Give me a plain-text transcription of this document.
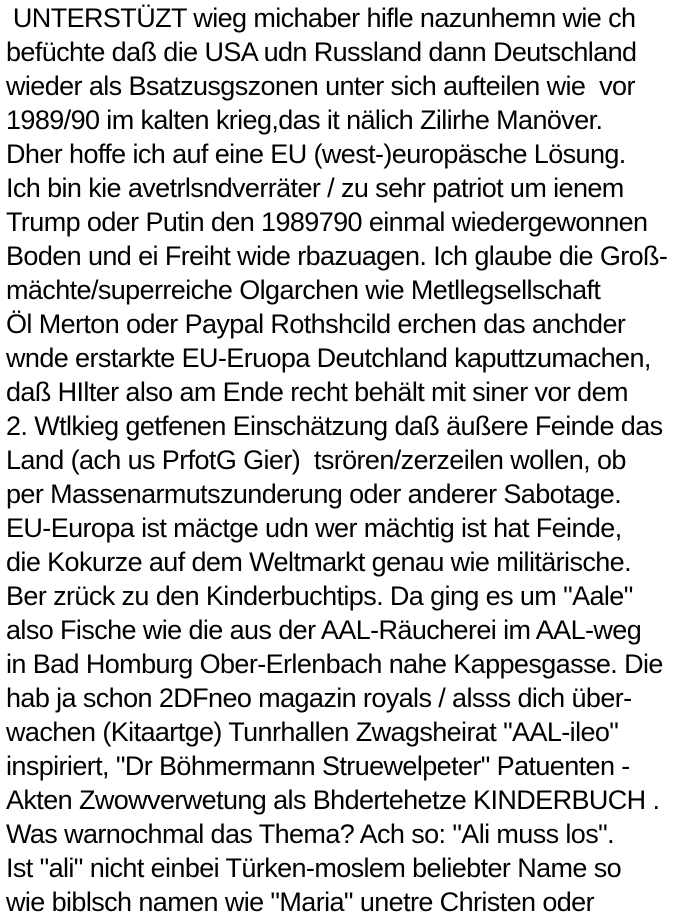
UNTERSTÜZT wieg michaber hifle nazunhemn wie ch
befüchte daß die USA udn Russland dann Deutschland
wieder als Bsatzusgszonen unter sich aufteilen wie  vor
1989/90 im kalten krieg,das it nälich Zilirhe Manöver.
Dher hoffe ich auf eine EU (west-)europäsche Lösung.
Ich bin kie avetrlsndverräter / zu sehr patriot um ienem
Trump oder Putin den 1989790 einmal wiedergewonnen
Boden und ei Freiht wide rbazuagen. Ich glaube die Groß-
mächte/superreiche Olgarchen wie Metllegsellschaft
Öl Merton oder Paypal Rothshcild erchen das anchder
wnde erstarkte EU-Eruopa Deutchland kaputtzumachen,
daß HIlter also am Ende recht behält mit siner vor dem
2. Wtlkieg getfenen Einschätzung daß äußere Feinde das
Land (ach us PrfotG Gier)  tsrören/zerzeilen wollen, ob
per Massenarmutszunderung oder anderer Sabotage.
EU-Europa ist mäctge udn wer mächtig ist hat Feinde,
die Kokurze auf dem Weltmarkt genau wie militärische.
Ber zrück zu den Kinderbuchtips. Da ging es um "Aale"
also Fische wie die aus der AAL-Räucherei im AAL-weg
in Bad Homburg Ober-Erlenbach nahe Kappesgasse. Die
hab ja schon 2DFneo magazin royals / alsss dich über-
wachen (Kitaartge) Tunrhallen Zwagsheirat "AAL-ileo"
inspiriert, "Dr Böhmermann Struewelpeter" Patuenten -
Akten Zwowverwetung als Bhdertehetze KINDERBUCH .
Was warnochmal das Thema? Ach so: "Ali muss los".
Ist "ali" nicht einbei Türken-moslem beliebter Name so
wie biblsch namen wie "Maria" unetre Christen oder
